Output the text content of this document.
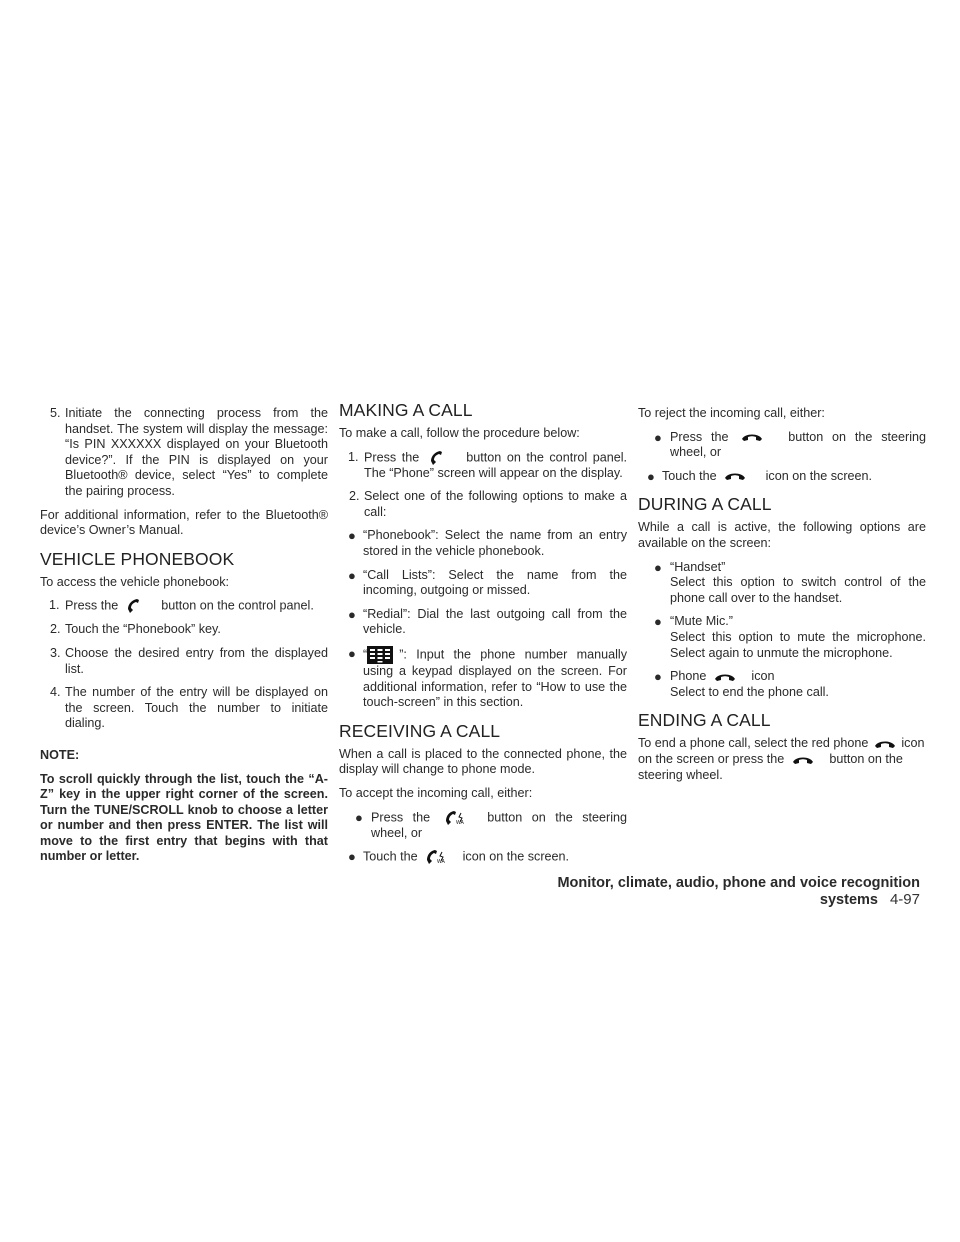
5. Initiate the connecting process from the handset. The system will display the message: “Is PIN XXXXXX displayed on your Bluetooth device?”. If the PIN is displayed on your Bluetooth® device, select “Yes” to complete the pairing process.

For additional information, refer to the Bluetooth® device’s Owner’s Manual.

VEHICLE PHONEBOOK

To access the vehicle phonebook:

1. Press the	button on the control panel.
2. Touch the “Phonebook” key.
3. Choose the desired entry from the displayed list.
4. The number of the entry will be displayed on the screen. Touch the number to initiate dialing.
NOTE:
To scroll quickly through the list, touch the “A-Z” key in the upper right corner of the screen. Turn the TUNE/SCROLL knob to choose a letter or number and then press ENTER. The list will move to the first entry that begins with that number or letter.
MAKING A CALL

To make a call, follow the procedure below:

1. Press the	button on the control panel. The “Phone” screen will appear on the display.
2. Select one of the following options to make a call:
● “Phonebook”: Select the name from an entry stored in the vehicle phonebook.
● “Call Lists”: Select the name from the incoming, outgoing or missed.
● “Redial”: Dial the last outgoing call from the vehicle.
● “	”: Input the phone number manually using a keypad displayed on the screen. For additional information, refer to “How to use the touch-screen” in this section.
RECEIVING A CALL

When a call is placed to the connected phone, the display will change to phone mode.

To accept the incoming call, either:

● Press the	WA button on the steering wheel, or
● Touch the	WA icon on the screen.

To reject the incoming call, either:

● Press the	button on the steering wheel, or
● Touch the	icon on the screen.
DURING A CALL

While a call is active, the following options are available on the screen:

● “Handset”
Select this option to switch control of the phone call over to the handset.
● “Mute Mic.”
Select this option to mute the microphone. Select again to unmute the microphone.
● Phone	icon
Select to end the phone call.
ENDING A CALL

To end a phone call, select the red phone	icon on the screen or press the	button on the steering wheel.

Monitor, climate, audio, phone and voice recognition systems 4-97
